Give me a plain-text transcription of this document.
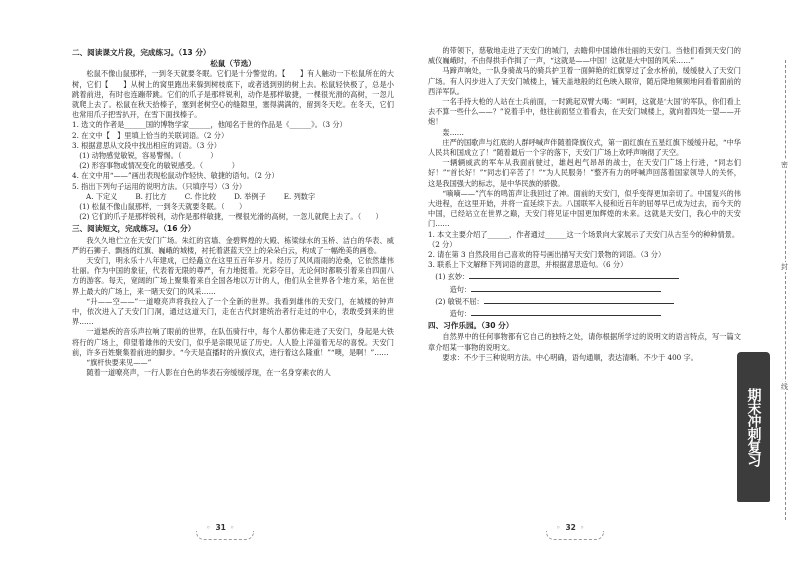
二、阅读课文片段，完成练习。（13 分）
松鼠（节选）

松鼠不像山鼠那样，一到冬天就要冬眠。它们是十分警觉的。【　　】有人触动一下松鼠所在的大树，它们【　　】从树上的窝里跑出来躲到树枝底下，或者逃到别的树上去。松鼠轻快极了，总是小跳着前进，有时也连蹦带跳。它们的爪子是那样锐利，动作是那样敏捷，一棵很光滑的高树，一忽儿就爬上去了。松鼠在秋天拾榛子，塞到老树空心的缝隙里，塞得满满的，留到冬天吃。在冬天，它们也常用爪子把雪扒开，在雪下面找榛子。

1. 选文的作者是______国的博物学家______，他闻名于世的作品是《______》。（3 分）
2. 在文中【　】里填上恰当的关联词语。（2 分）
3. 根据意思从文段中找出相应的词语。（3 分）
(1) 动物感觉敏锐，容易警惕。（　　　　）
(2) 形容事物或情况变化的敏锐感受。（　　　　）
4. 在文中用“——”画出表现松鼠动作轻快、敏捷的语句。（2 分）
5. 指出下列句子运用的说明方法。（只填序号）（3 分）
A. 下定义	B. 打比方	C. 作比较	D. 举例子	E. 列数字
(1) 松鼠不像山鼠那样，一到冬天就要冬眠。（　　）
(2) 它们的爪子是那样锐利，动作是那样敏捷，一棵很光滑的高树，一忽儿就爬上去了。（　　）
三、阅读短文，完成练习。（16 分）

我久久地伫立在天安门广场。朱红的宫墙、金碧辉煌的大殿、栋梁绿水的玉桥、洁白的华表、威严的石狮子、飘扬的红旗、巍峨的城楼，衬托着湛蓝天空上的朵朵白云，构成了一幅绝美的画卷。

天安门，明永乐十八年建成，已经矗立在这里五百年岁月。经历了风风雨雨的沧桑，它依然雄伟壮丽。作为中国的象征，代表着无限的尊严，有力地挺着。光彩夺目，无论何时都吸引着来自四面八方的游客。每天，宽阔的广场上聚集着来自全国各地以万计的人，他们从全世界各个地方来，站在世界上最大的广场上，来一睹天安门的风采……

“升——空——”一道嘹亮声将我拉入了一个全新的世界。我看到雄伟的天安门，在城楼的钟声中，依次进入了天安门门洞，通过这道天门，走在古代封建统治者行走过的中心，表敢受到来的世界……

一道悬疾的音乐声拉响了眼前的世界，在队伍骑行中，每个人都仿佛走进了天安门，身起是大铁将行的广场上，仰望着雄伟的天安门，似乎是亲眼见证了历史。人人脸上洋溢着无尽的喜悦。天安门前，许多百姓聚集着前进的脚步。“今天是直播时的升旗仪式，进行着这么隆重！”“噢，是啊！”……

“旗杆快要来见——”

随着一道嘹亮声，一行人影在白色的华表石旁缓缓浮现，在一名身穿素衣的人

◦ 31 ◦

的带领下，慈敬地走进了天安门的城门，去瞻仰中国雄伟壮丽的天安门。当他们看到天安门的威仪巍峨时，不由得拱手作揖了一声，“这就是——中国！这就是大中国的风采……”

马蹄声响处，一队身骑战马的骑兵护卫着一面鲜艳的红旗穿过了金水桥前，缓缓驶入了天安门广场。有人闪步进入了天安门城楼上，铺天盖地般的红色映入眼帘，随后降地频频地问看着面前的西洋军队。

一名手持大枪的人站在士兵前面，一时跳起双臂大喝：“呵呵，这就是‘大国’的军队，你们看上去不算一些什么——？”说着手中，他往前面竖立着看去，在天安门城楼上，就向着四处一望——开炮！

轰……

庄严的国歌声与红底的人群呼喊声伴随着降旗仪式，第一面红旗在五星红旗下缓缓升起，“中华人民共和国成立了！”随着最后一个字的落下，天安门广场上欢呼声响彻了天空。

一辆辆威武的军车从我面前驶过，雄赳赳气昂昂的战士，在天安门广场上行进，“同志们好！”“首长好！”“同志们辛苦了！”“为人民服务！”整齐有力的呼喊声回荡着国家领导人的关怀，这是我国强大的标志，是中华民族的骄傲。

“嘀嘀——”汽车的鸣笛声让我回过了神。面前的天安门，似乎变得更加亲切了。中国复兴的伟大进程，在这里开始，并将一直延续下去。八国联军入侵和近百年的屈辱早已成为过去，而今天的中国，已经站立在世界之巅，天安门将见证中国更加辉煌的未来。这就是天安门，我心中的天安门……

1. 本文主要介绍了______，作者通过______这一个场景向大家展示了天安门从古至今的种种情景。（2 分）
2. 请在第 3 自然段用自己喜欢的符号画出描写天安门景物的词语。（3 分）
3. 联系上下文解释下列词语的意思，并根据意思造句。（6 分）
(1) 玄妙：
造句：
(2) 敏锐不屈：
造句：
四、习作乐园。（30 分）

自然界中的任何事物都有它自己的独特之处，请你根据所学过的说明文的语言特点，写一篇文章介绍某一事物的说明文。

要求：不少于三种说明方法。中心明确，语句通顺，表达清晰。不少于 400 字。

◦ 32 ◦
密
封
线
期末冲刺复习
